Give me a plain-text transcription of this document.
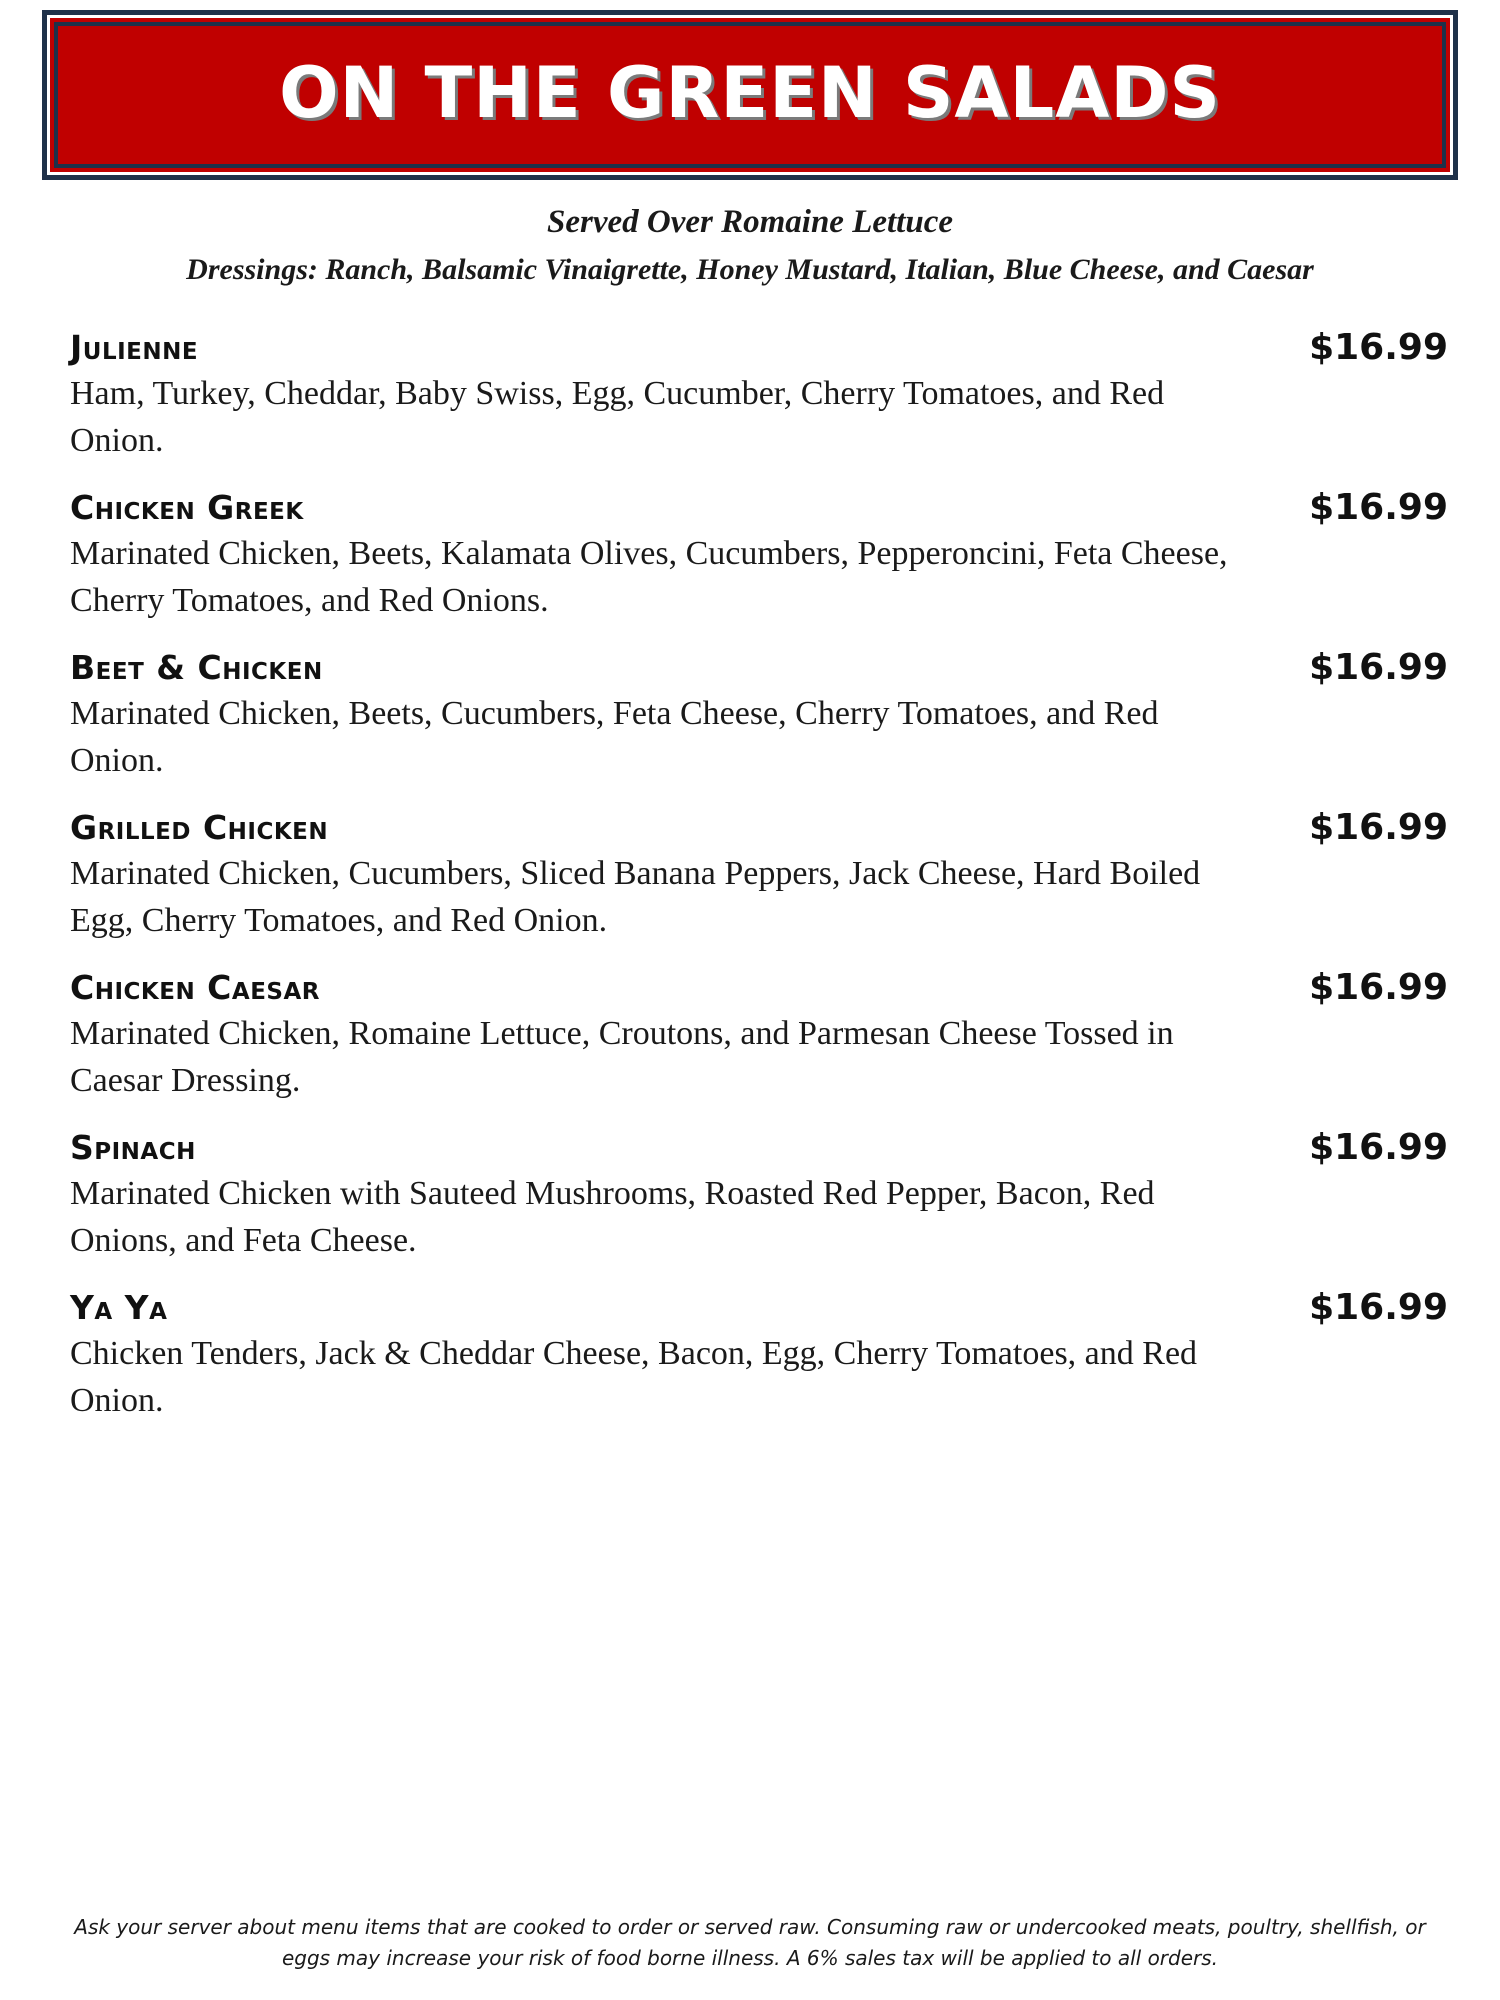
ON THE GREEN SALADS
Served Over Romaine Lettuce
Dressings: Ranch, Balsamic Vinaigrette, Honey Mustard, Italian, Blue Cheese, and Caesar
Julienne	$16.99
Ham, Turkey, Cheddar, Baby Swiss, Egg, Cucumber, Cherry Tomatoes, and Red Onion.
Chicken Greek	$16.99
Marinated Chicken, Beets, Kalamata Olives, Cucumbers, Pepperoncini, Feta Cheese, Cherry Tomatoes, and Red Onions.
Beet & Chicken	$16.99
Marinated Chicken, Beets, Cucumbers, Feta Cheese, Cherry Tomatoes, and Red Onion.
Grilled Chicken	$16.99
Marinated Chicken, Cucumbers, Sliced Banana Peppers, Jack Cheese, Hard Boiled Egg, Cherry Tomatoes, and Red Onion.
Chicken Caesar	$16.99
Marinated Chicken, Romaine Lettuce, Croutons, and Parmesan Cheese Tossed in Caesar Dressing.
Spinach	$16.99
Marinated Chicken with Sauteed Mushrooms, Roasted Red Pepper, Bacon, Red Onions, and Feta Cheese.
Ya Ya	$16.99
Chicken Tenders, Jack & Cheddar Cheese, Bacon, Egg, Cherry Tomatoes, and Red Onion.
Ask your server about menu items that are cooked to order or served raw. Consuming raw or undercooked meats, poultry, shellfish, or eggs may increase your risk of food borne illness. A 6% sales tax will be applied to all orders.
